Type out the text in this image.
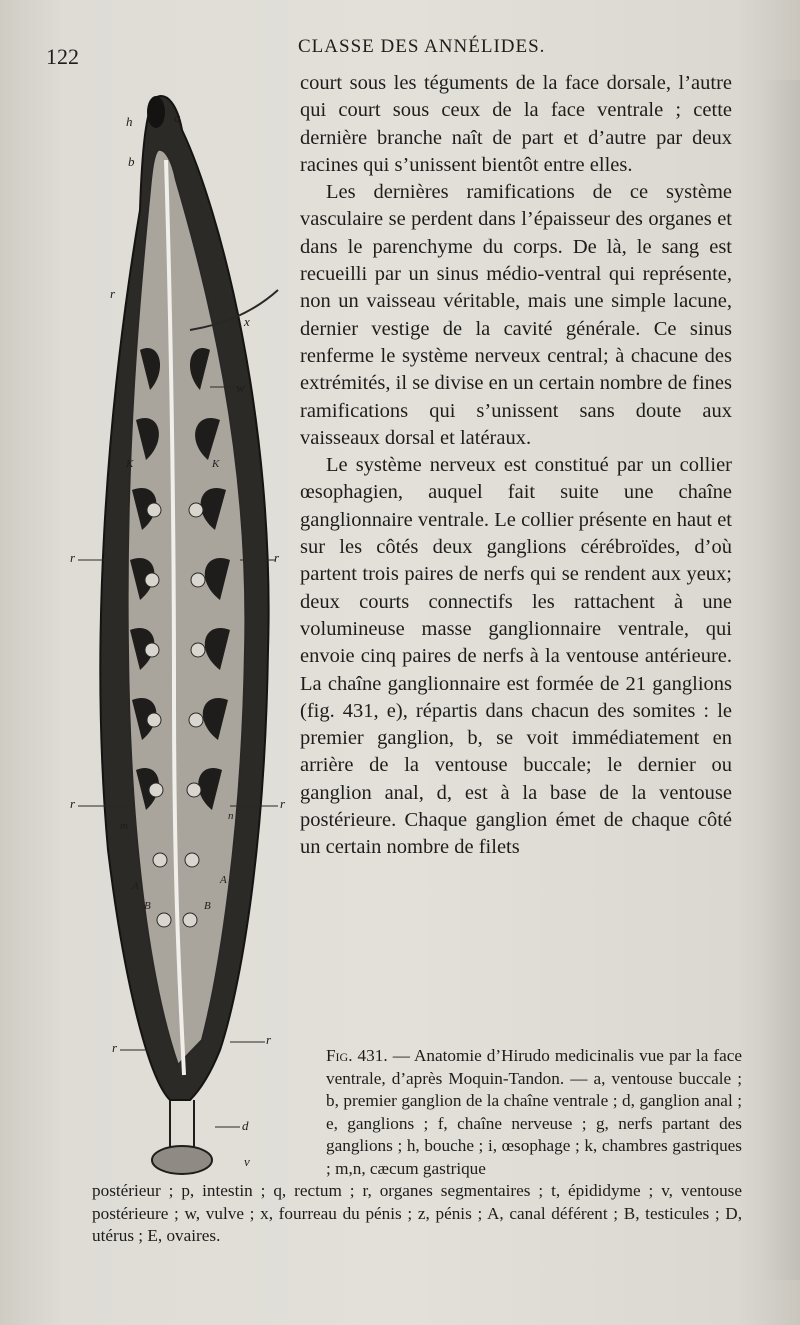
122	CLASSE DES ANNÉLIDES.
h	a
b
r
x
w
r	r
r	r
r
r
d
v
K	K
B	B
A	A
m
n

court sous les téguments de la face dorsale, l’autre qui court sous ceux de la face ventrale ; cette dernière branche naît de part et d’autre par deux racines qui s’unissent bientôt entre elles.

Les dernières ramifications de ce système vasculaire se perdent dans l’épaisseur des organes et dans le parenchyme du corps. De là, le sang est recueilli par un sinus médio-ventral qui représente, non un vaisseau véritable, mais une simple lacune, dernier vestige de la cavité générale. Ce sinus renferme le système nerveux central; à chacune des extrémités, il se divise en un certain nombre de fines ramifications qui s’unissent sans doute aux vaisseaux dorsal et latéraux.

Le système nerveux est constitué par un collier œsophagien, auquel fait suite une chaîne ganglionnaire ventrale. Le collier présente en haut et sur les côtés deux ganglions cérébroïdes, d’où partent trois paires de nerfs qui se rendent aux yeux; deux courts connectifs les rattachent à une volumineuse masse ganglionnaire ventrale, qui envoie cinq paires de nerfs à la ventouse antérieure. La chaîne ganglionnaire est formée de 21 ganglions (fig. 431, e), répartis dans chacun des somites : le premier ganglion, b, se voit immédiatement en arrière de la ventouse buccale; le dernier ou ganglion anal, d, est à la base de la ventouse postérieure. Chaque ganglion émet de chaque côté un certain nombre de filets

Fig. 431. — Anatomie d’Hirudo medicinalis vue par la face ventrale, d’après Moquin-Tandon. — a, ventouse buccale ; b, premier ganglion de la chaîne ventrale ; d, ganglion anal ; e, ganglions ; f, chaîne nerveuse ; g, nerfs partant des ganglions ; h, bouche ; i, œsophage ; k, chambres gastriques ; m,n, cæcum gastrique
postérieur ; p, intestin ; q, rectum ; r, organes segmentaires ; t, épididyme ; v, ventouse postérieure ; w, vulve ; x, fourreau du pénis ; z, pénis ; A, canal déférent ; B, testicules ; D, utérus ; E, ovaires.
